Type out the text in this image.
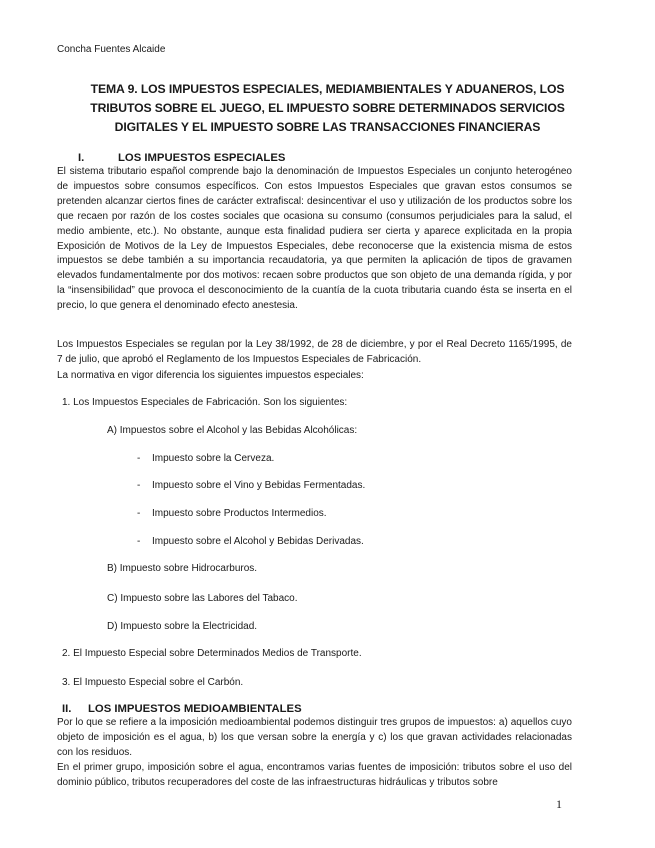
Concha Fuentes Alcaide
TEMA 9. LOS IMPUESTOS ESPECIALES, MEDIAMBIENTALES Y ADUANEROS, LOS TRIBUTOS SOBRE EL JUEGO, EL IMPUESTO SOBRE DETERMINADOS SERVICIOS DIGITALES Y EL IMPUESTO SOBRE LAS TRANSACCIONES FINANCIERAS
I.	LOS IMPUESTOS ESPECIALES
El sistema tributario español comprende bajo la denominación de Impuestos Especiales un conjunto heterogéneo de impuestos sobre consumos específicos. Con estos Impuestos Especiales que gravan estos consumos se pretenden alcanzar ciertos fines de carácter extrafiscal: desincentivar el uso y utilización de los productos sobre los que recaen por razón de los costes sociales que ocasiona su consumo (consumos perjudiciales para la salud, el medio ambiente, etc.). No obstante, aunque esta finalidad pudiera ser cierta y aparece explicitada en la propia Exposición de Motivos de la Ley de Impuestos Especiales, debe reconocerse que la existencia misma de estos impuestos se debe también a su importancia recaudatoria, ya que permiten la aplicación de tipos de gravamen elevados fundamentalmente por dos motivos: recaen sobre productos que son objeto de una demanda rígida, y por la “insensibilidad” que provoca el desconocimiento de la cuantía de la cuota tributaria cuando ésta se inserta en el precio, lo que genera el denominado efecto anestesia.
Los Impuestos Especiales se regulan por la Ley 38/1992, de 28 de diciembre, y por el Real Decreto 1165/1995, de 7 de julio, que aprobó el Reglamento de los Impuestos Especiales de Fabricación.
La normativa en vigor diferencia los siguientes impuestos especiales:
1. Los Impuestos Especiales de Fabricación. Son los siguientes:
A) Impuestos sobre el Alcohol y las Bebidas Alcohólicas:
- Impuesto sobre la Cerveza.
- Impuesto sobre el Vino y Bebidas Fermentadas.
- Impuesto sobre Productos Intermedios.
- Impuesto sobre el Alcohol y Bebidas Derivadas.
B) Impuesto sobre Hidrocarburos.
C) Impuesto sobre las Labores del Tabaco.
D) Impuesto sobre la Electricidad.
2. El Impuesto Especial sobre Determinados Medios de Transporte.
3. El Impuesto Especial sobre el Carbón.
II. LOS IMPUESTOS MEDIOAMBIENTALES
Por lo que se refiere a la imposición medioambiental podemos distinguir tres grupos de impuestos: a) aquellos cuyo objeto de imposición es el agua, b) los que versan sobre la energía y c) los que gravan actividades relacionadas con los residuos.
En el primer grupo, imposición sobre el agua, encontramos varias fuentes de imposición: tributos sobre el uso del dominio público, tributos recuperadores del coste de las infraestructuras hidráulicas y tributos sobre
1
